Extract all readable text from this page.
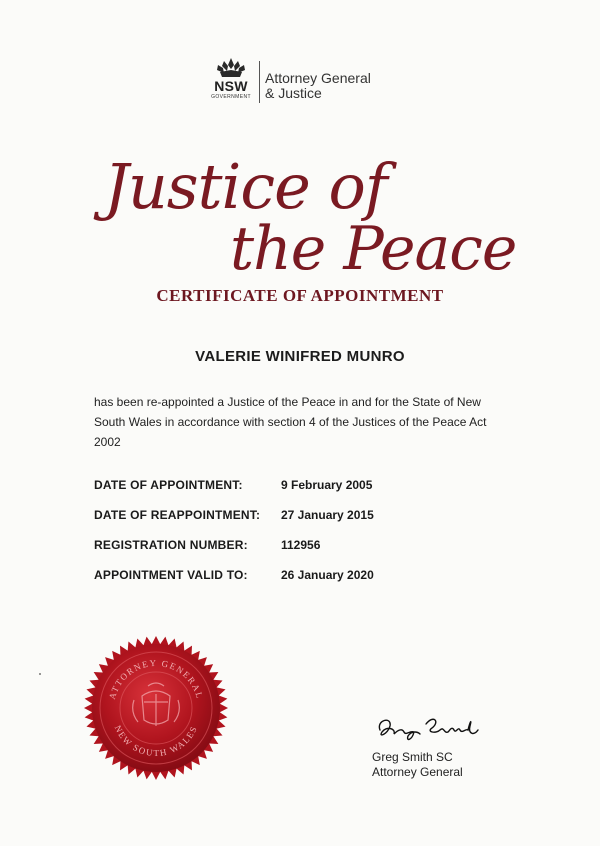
NSW
GOVERNMENT
Attorney General
& Justice
Justice of
the Peace
CERTIFICATE OF APPOINTMENT
VALERIE WINIFRED MUNRO
has been re-appointed a Justice of the Peace in and for the State of New South Wales in accordance with section 4 of the Justices of the Peace Act 2002
DATE OF APPOINTMENT:	9 February 2005
DATE OF REAPPOINTMENT: 27 January 2015
REGISTRATION NUMBER:	112956
APPOINTMENT VALID TO:	26 January 2020
ATTORNEY GENERAL
NEW SOUTH WALES
Greg Smith SC
Attorney General
